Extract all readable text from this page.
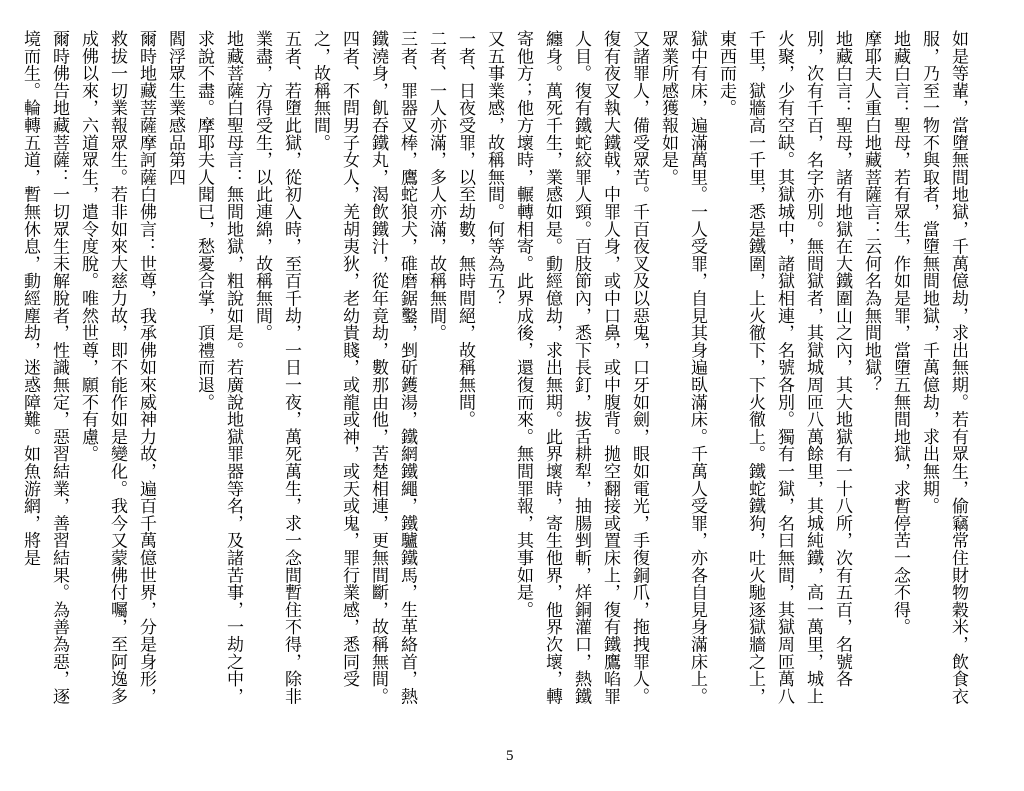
如是等輩，當墮無間地獄，千萬億劫，求出無期。若有眾生，偷竊常住財物穀米，飲食衣服，乃至一物不與取者，當墮無間地獄，千萬億劫，求出無期。

地藏白言：聖母，若有眾生，作如是罪，當墮五無間地獄，求暫停苦一念不得。

摩耶夫人重白地藏菩薩言：云何名為無間地獄？

地藏白言：聖母，諸有地獄在大鐵圍山之內，其大地獄有一十八所，次有五百，名號各別，次有千百，名字亦別。無間獄者，其獄城周匝八萬餘里，其城純鐵，高一萬里，城上火聚，少有空缺。其獄城中，諸獄相連，名號各別。獨有一獄，名曰無間，其獄周匝萬八千里，獄牆高一千里，悉是鐵圍，上火徹下，下火徹上。鐵蛇鐵狗，吐火馳逐獄牆之上，東西而走。

獄中有床，遍滿萬里。一人受罪，自見其身遍臥滿床。千萬人受罪，亦各自見身滿床上。眾業所感獲報如是。

又諸罪人，備受眾苦。千百夜叉及以惡鬼，口牙如劍，眼如電光，手復銅爪，拖拽罪人。復有夜叉執大鐵戟，中罪人身，或中口鼻，或中腹背。拋空翻接或置床上，復有鐵鷹啗罪人目。復有鐵蛇絞罪人頸。百肢節內，悉下長釘，拔舌耕犁，抽腸剉斬，烊銅灌口，熱鐵纏身。萬死千生，業感如是。動經億劫，求出無期。此界壞時，寄生他界，他界次壞，轉寄他方；他方壞時，輾轉相寄。此界成後，還復而來。無間罪報，其事如是。

又五事業感，故稱無間。何等為五？

一者、日夜受罪，以至劫數，無時間絕，故稱無間。

二者、一人亦滿，多人亦滿，故稱無間。

三者、罪器叉棒，鷹蛇狼犬，碓磨鋸鑿，剉斫鑊湯，鐵網鐵繩，鐵驢鐵馬，生革絡首，熱鐵澆身，飢吞鐵丸，渴飲鐵汁，從年竟劫，數那由他，苦楚相連，更無間斷，故稱無間。

四者、不問男子女人，羌胡夷狄，老幼貴賤，或龍或神，或天或鬼，罪行業感，悉同受之，故稱無間。

五者、若墮此獄，從初入時，至百千劫，一日一夜，萬死萬生，求一念間暫住不得，除非業盡，方得受生，以此連綿，故稱無間。

地藏菩薩白聖母言：無間地獄，粗說如是。若廣說地獄罪器等名，及諸苦事，一劫之中，求說不盡。摩耶夫人聞已，愁憂合掌，頂禮而退。

閻浮眾生業感品第四

爾時地藏菩薩摩訶薩白佛言：世尊，我承佛如來威神力故，遍百千萬億世界，分是身形，救拔一切業報眾生。若非如來大慈力故，即不能作如是變化。我今又蒙佛付囑，至阿逸多成佛以來，六道眾生，遣令度脫。唯然世尊，願不有慮。

爾時佛告地藏菩薩：一切眾生未解脫者，性識無定，惡習結業，善習結果。為善為惡，逐境而生。輪轉五道，暫無休息，動經塵劫，迷惑障難。如魚游網，將是

5
